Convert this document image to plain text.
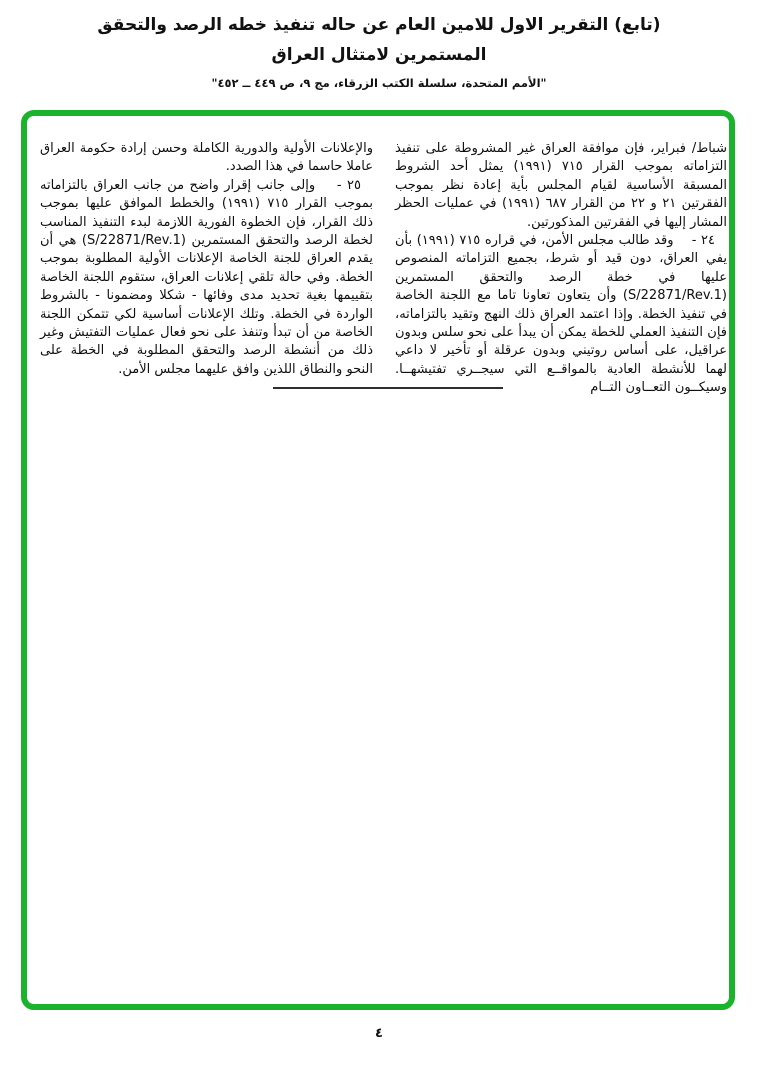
(تابع) التقرير الاول للامين العام عن حاله تنفيذ خطه الرصد والتحقق
المستمرين لامتثال العراق
"الأمم المتحدة، سلسلة الكتب الزرقاء، مج ٩، ص ٤٤٩ ــ ٤٥٢"

شباط/ فبراير، فإن موافقة العراق غير المشروطة على تنفيذ التزاماته بموجب القرار ٧١٥ (١٩٩١) يمثل أحد الشروط المسبقة الأساسية لقيام المجلس بأية إعادة نظر بموجب الفقرتين ٢١ و ٢٢ من القرار ٦٨٧ (١٩٩١) في عمليات الحظر المشار إليها في الفقرتين المذكورتين.

٢٤ -    وقد طالب مجلس الأمن، في قراره ٧١٥ (١٩٩١) بأن يفي العراق، دون قيد أو شرط، بجميع التزاماته المنصوص عليها في خطة الرصد والتحقق المستمرين (S/22871/Rev.1) وأن يتعاون تعاونا تاما مع اللجنة الخاصة في تنفيذ الخطة. وإذا اعتمد العراق ذلك النهج وتقيد بالتزاماته، فإن التنفيذ العملي للخطة يمكن أن يبدأ على نحو سلس وبدون عراقيل، على أساس روتيني وبدون عرقلة أو تأخير لا داعي لهما للأنشطة العادية بالمواقــع التي سيجــري تفتيشهــا. وسيكــون التعــاون التــام

والإعلانات الأولية والدورية الكاملة وحسن إرادة حكومة العراق عاملا حاسما في هذا الصدد.

٢٥ -    وإلى جانب إقرار واضح من جانب العراق بالتزاماته بموجب القرار ٧١٥ (١٩٩١) والخطط الموافق عليها بموجب ذلك القرار، فإن الخطوة الفورية اللازمة لبدء التنفيذ المناسب لخطة الرصد والتحقق المستمرين (S/22871/Rev.1) هي أن يقدم العراق للجنة الخاصة الإعلانات الأولية المطلوبة بموجب الخطة. وفي حالة تلقي إعلانات العراق، ستقوم اللجنة الخاصة بتقييمها بغية تحديد مدى وفائها - شكلا ومضمونا - بالشروط الواردة في الخطة. وتلك الإعلانات أساسية لكي تتمكن اللجنة الخاصة من أن تبدأ وتنفذ على نحو فعال عمليات التفتيش وغير ذلك من أنشطة الرصد والتحقق المطلوبة في الخطة على النحو والنطاق اللذين وافق عليهما مجلس الأمن.

٤
